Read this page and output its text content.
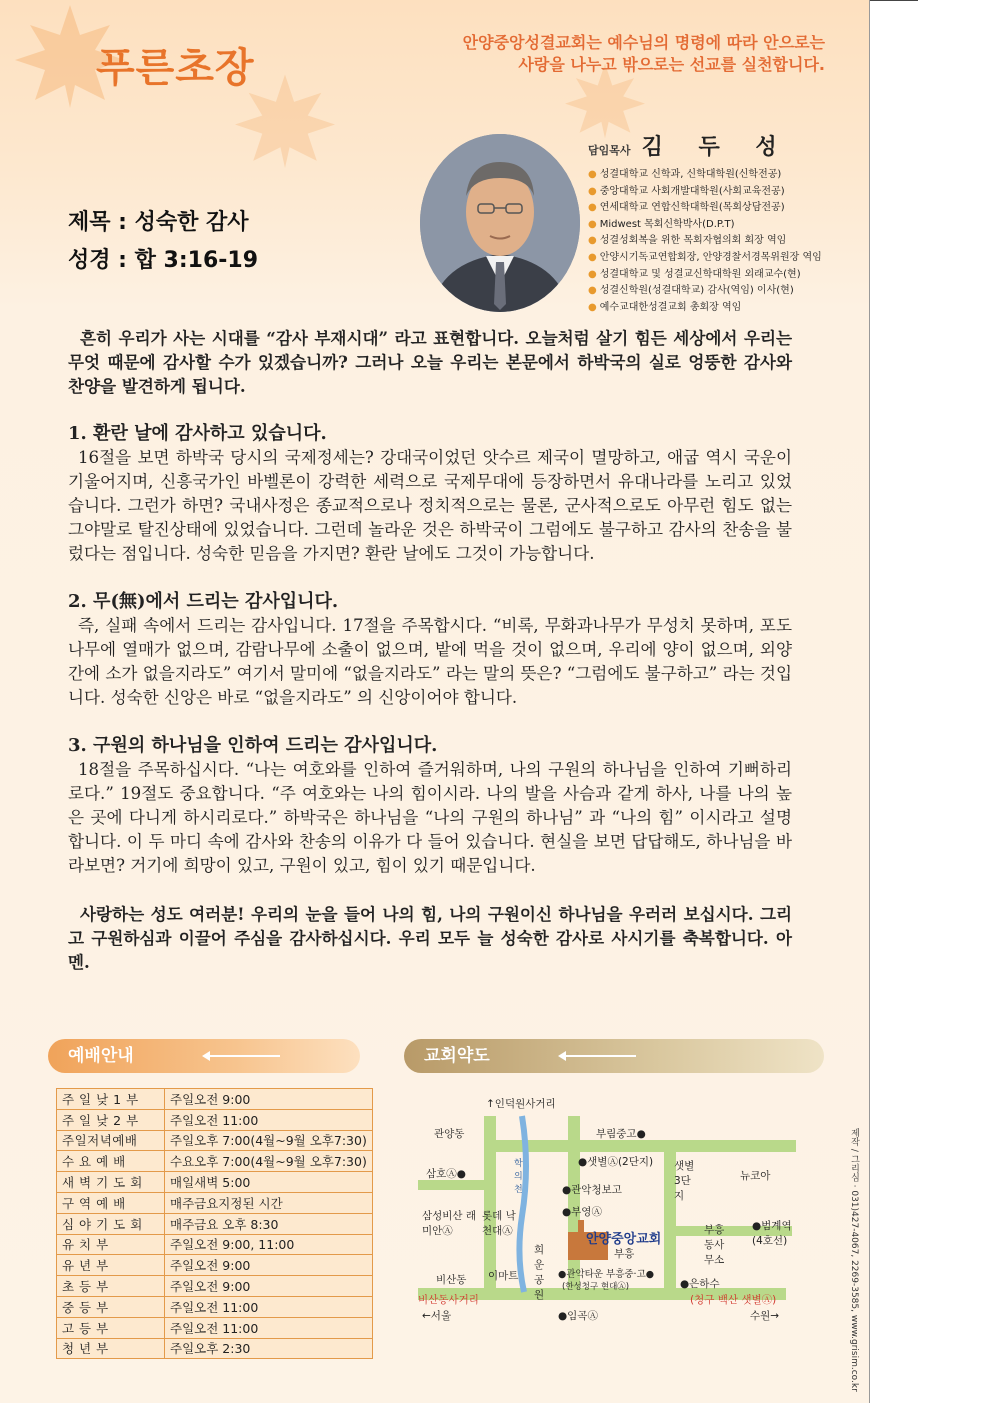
푸른초장
안양중앙성결교회는 예수님의 명령에 따라 안으로는
사랑을 나누고 밖으로는 선교를 실천합니다.
담임목사 김 두 성
● 성결대학교 신학과, 신학대학원(신학전공)
● 중앙대학교 사회개발대학원(사회교육전공)
● 연세대학교 연합신학대학원(목회상담전공)
● Midwest 목회신학박사(D.P.T)
● 성결성회복을 위한 목회자협의회 회장 역임
● 안양시기독교연합회장, 안양경찰서경목위원장 역임
● 성결대학교 및 성결교신학대학원 외래교수(현)
● 성결신학원(성결대학교) 감사(역임) 이사(현)
● 예수교대한성결교회 총회장 역임
제목 : 성숙한 감사
성경 : 합 3:16-19

흔히 우리가 사는 시대를 “감사 부재시대” 라고 표현합니다. 오늘처럼 살기 힘든 세상에서 우리는 무엇 때문에 감사할 수가 있겠습니까? 그러나 오늘 우리는 본문에서 하박국의 실로 엉뚱한 감사와 찬양을 발견하게 됩니다.

1. 환란 날에 감사하고 있습니다.

16절을 보면 하박국 당시의 국제정세는? 강대국이었던 앗수르 제국이 멸망하고, 애굽 역시 국운이 기울어지며, 신흥국가인 바벨론이 강력한 세력으로 국제무대에 등장하면서 유대나라를 노리고 있었습니다. 그런가 하면? 국내사정은 종교적으로나 정치적으로는 물론, 군사적으로도 아무런 힘도 없는 그야말로 탈진상태에 있었습니다. 그런데 놀라운 것은 하박국이 그럼에도 불구하고 감사의 찬송을 불렀다는 점입니다. 성숙한 믿음을 가지면? 환란 날에도 그것이 가능합니다.

2. 무(無)에서 드리는 감사입니다.

즉, 실패 속에서 드리는 감사입니다. 17절을 주목합시다. “비록, 무화과나무가 무성치 못하며, 포도나무에 열매가 없으며, 감람나무에 소출이 없으며, 밭에 먹을 것이 없으며, 우리에 양이 없으며, 외양간에 소가 없을지라도” 여기서 말미에 “없을지라도” 라는 말의 뜻은? “그럼에도 불구하고” 라는 것입니다. 성숙한 신앙은 바로 “없을지라도” 의 신앙이어야 합니다.

3. 구원의 하나님을 인하여 드리는 감사입니다.

18절을 주목하십시다. “나는 여호와를 인하여 즐거워하며, 나의 구원의 하나님을 인하여 기뻐하리로다.” 19절도 중요합니다. “주 여호와는 나의 힘이시라. 나의 발을 사슴과 같게 하사, 나를 나의 높은 곳에 다니게 하시리로다.” 하박국은 하나님을 “나의 구원의 하나님” 과 “나의 힘” 이시라고 설명합니다. 이 두 마디 속에 감사와 찬송의 이유가 다 들어 있습니다. 현실을 보면 답답해도, 하나님을 바라보면? 거기에 희망이 있고, 구원이 있고, 힘이 있기 때문입니다.

사랑하는 성도 여러분! 우리의 눈을 들어 나의 힘, 나의 구원이신 하나님을 우러러 보십시다. 그리고 구원하심과 이끌어 주심을 감사하십시다. 우리 모두 늘 성숙한 감사로 사시기를 축복합니다. 아멘.

예배안내
주 일 낮 1 부	주일오전 9:00
주 일 낮 2 부	주일오전 11:00
주일저녁예배	주일오후 7:00(4월~9월 오후7:30)
수 요 예 배	수요오후 7:00(4월~9월 오후7:30)
새 벽 기 도 회	매일새벽 5:00
구 역 예 배	매주금요지정된 시간
심 야 기 도 회	매주금요 오후 8:30
유 치 부	주일오전 9:00, 11:00
유 년 부	주일오전 9:00
초 등 부	주일오전 9:00
중 등 부	주일오전 11:00
고 등 부	주일오전 11:00
청 년 부	주일오후 2:30
교회약도
↑인덕원사거리
관양동	부림중고●
●샛별Ⓐ(2단지) 샛별 3단지
뉴코아
삼호Ⓐ●
학의천	●관악청보고
●부영Ⓐ
삼성비산 래미안Ⓐ
롯데 낙천대Ⓐ
안양중앙교회
부흥
부흥 동사 무소
●범계역 (4호선)
희운 공원
비산동 이마트	●관악타운 부흥중·고●
(한성청구 현대Ⓐ)	●은하수
비산동사거리	(청구 백산 샛별Ⓐ)
←서울	●임곡Ⓐ	수원→	제작 / 그리심 · 031)427-4067, 2269-3585, www.grisim.co.kr
